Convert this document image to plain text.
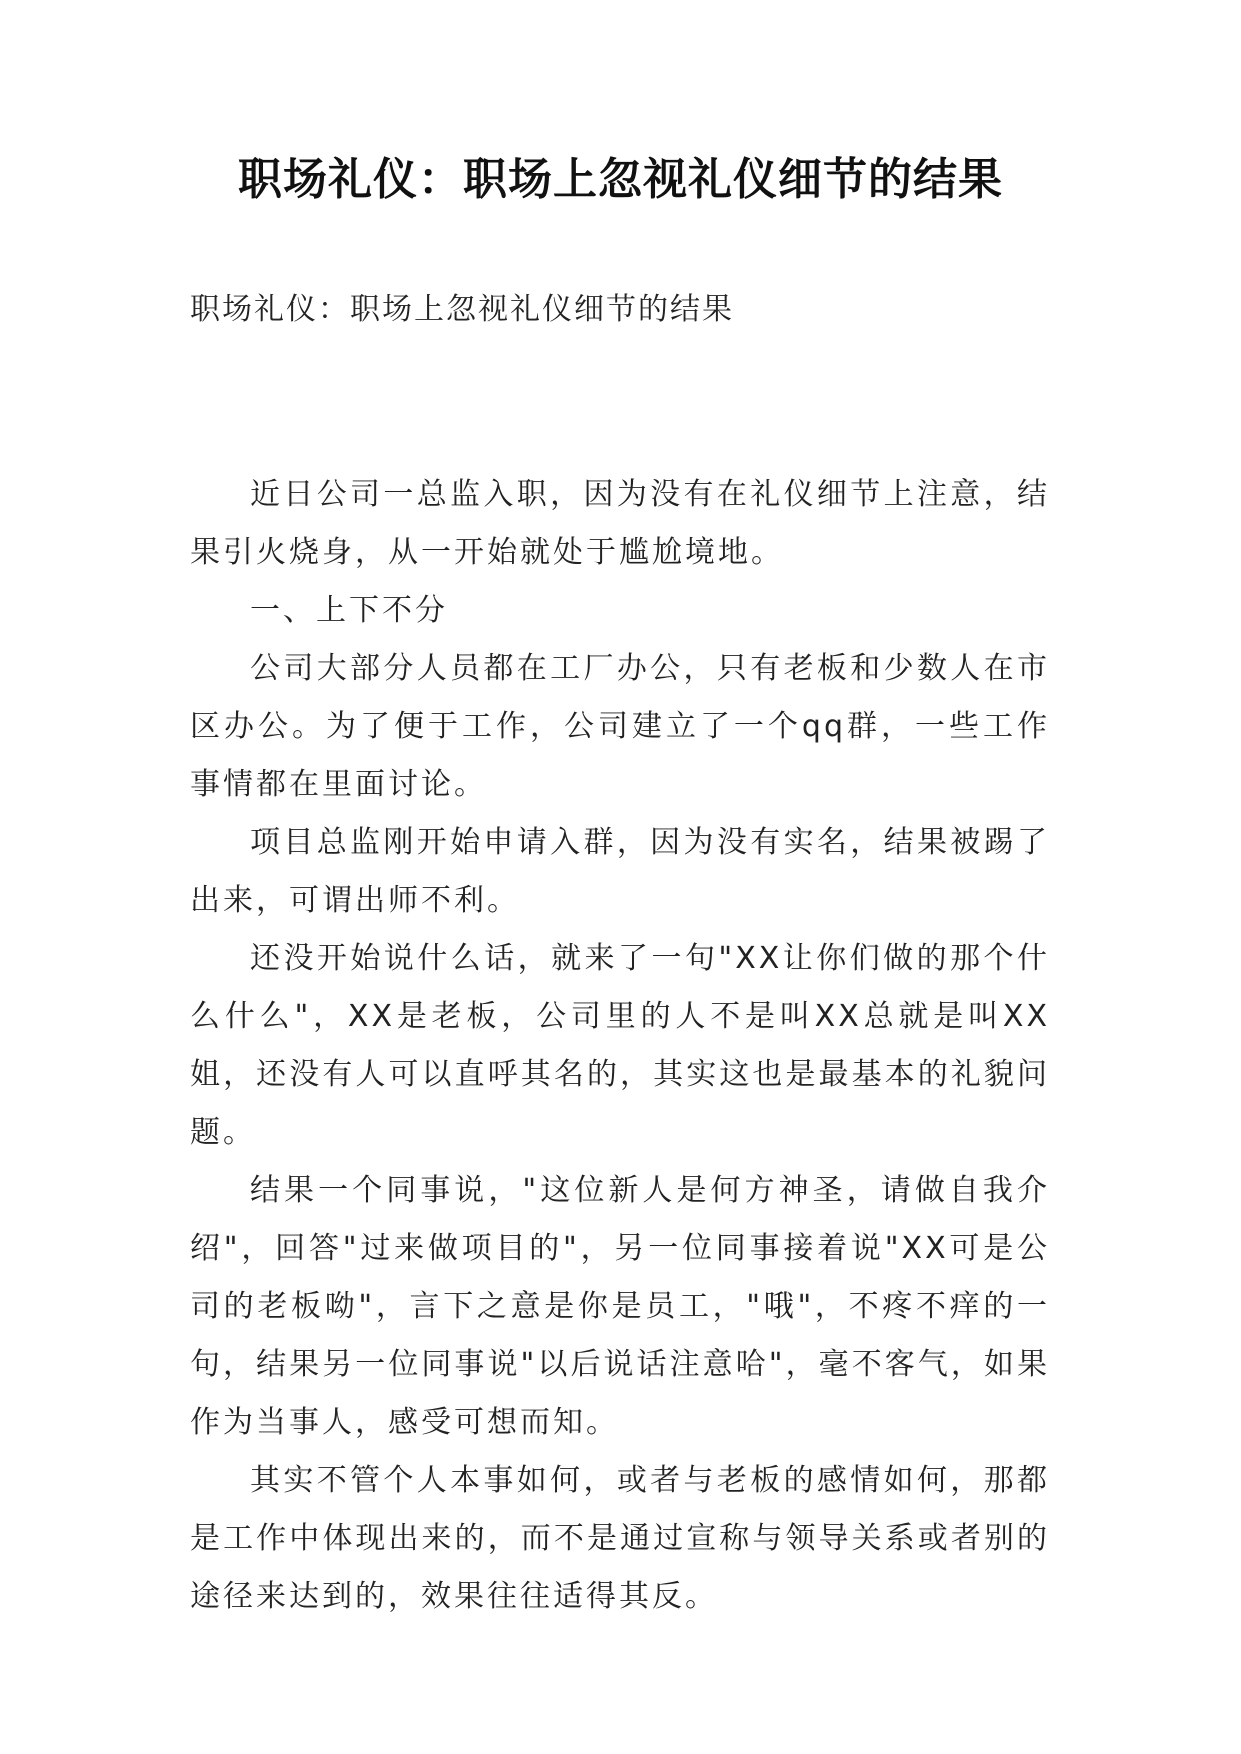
职场礼仪：职场上忽视礼仪细节的结果

职场礼仪：职场上忽视礼仪细节的结果

近日公司一总监入职，因为没有在礼仪细节上注意，结果引火烧身，从一开始就处于尴尬境地。

一、上下不分

公司大部分人员都在工厂办公，只有老板和少数人在市区办公。为了便于工作，公司建立了一个qq群，一些工作事情都在里面讨论。

项目总监刚开始申请入群，因为没有实名，结果被踢了出来，可谓出师不利。

还没开始说什么话，就来了一句"XX让你们做的那个什么什么"，XX是老板，公司里的人不是叫XX总就是叫XX姐，还没有人可以直呼其名的，其实这也是最基本的礼貌问题。

结果一个同事说，"这位新人是何方神圣，请做自我介绍"，回答"过来做项目的"，另一位同事接着说"XX可是公司的老板呦"，言下之意是你是员工，"哦"，不疼不痒的一句，结果另一位同事说"以后说话注意哈"，毫不客气，如果作为当事人，感受可想而知。

其实不管个人本事如何，或者与老板的感情如何，那都是工作中体现出来的，而不是通过宣称与领导关系或者别的途径来达到的，效果往往适得其反。
